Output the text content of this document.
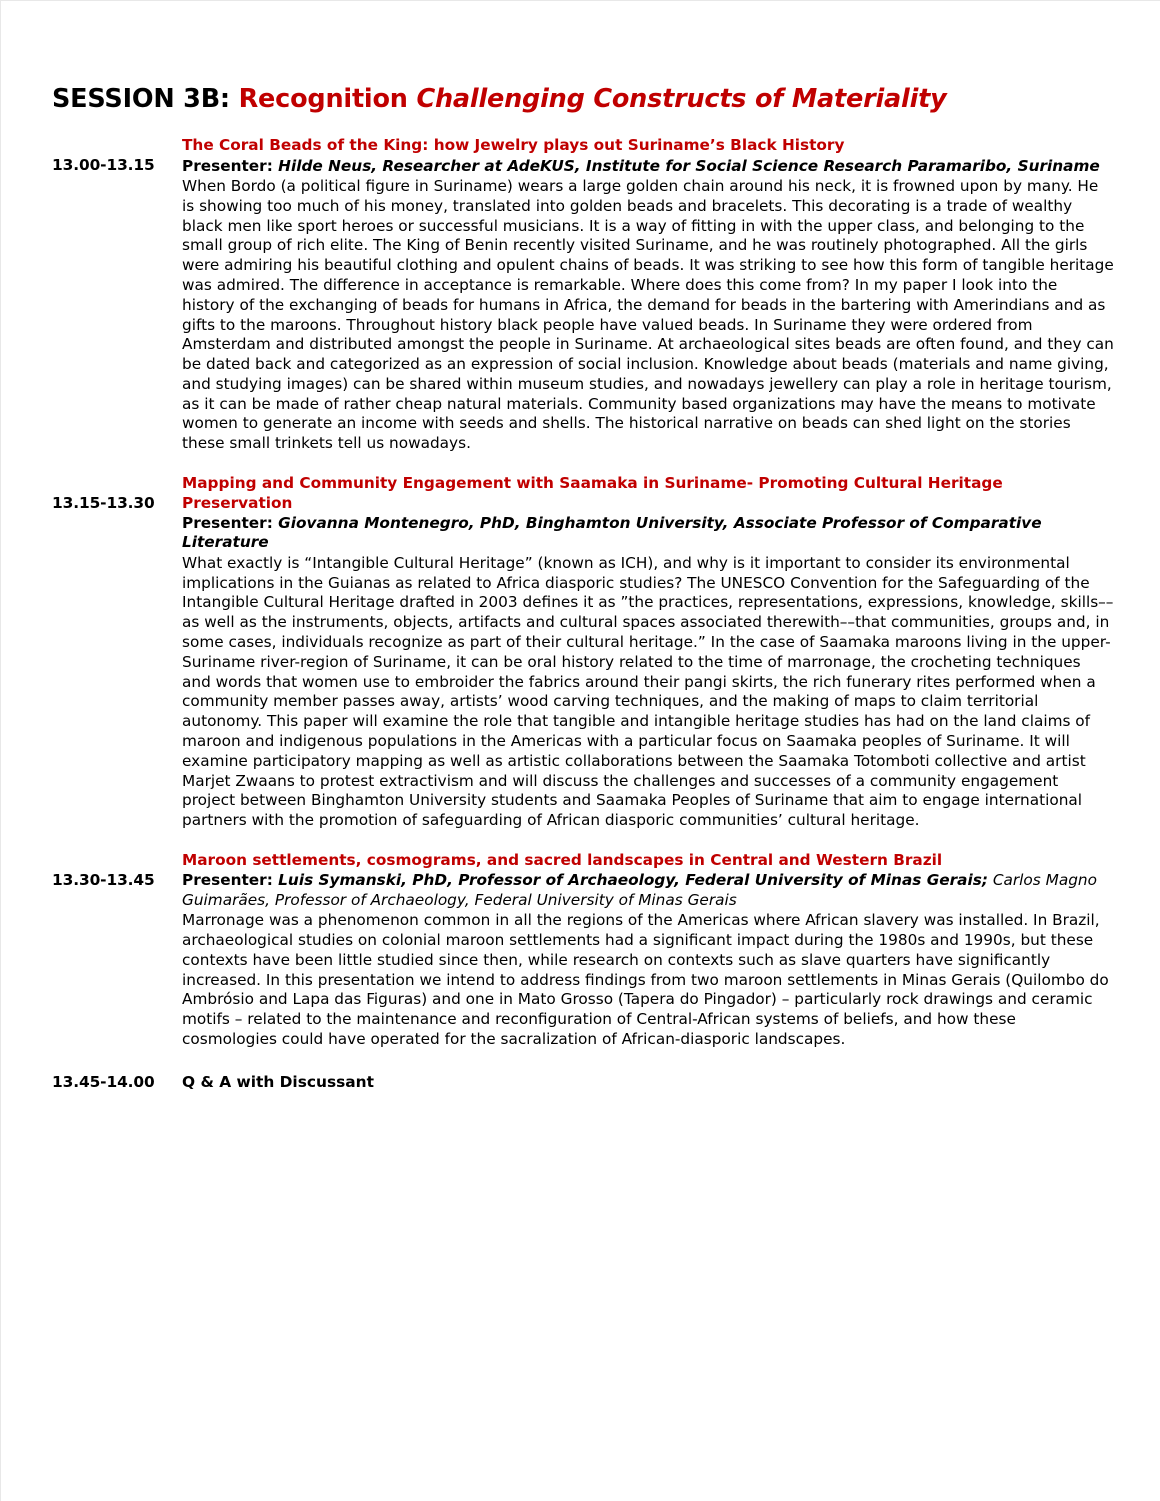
SESSION 3B: Recognition Challenging Constructs of Materiality
13.00-13.15
The Coral Beads of the King: how Jewelry plays out Suriname’s Black History
Presenter: Hilde Neus, Researcher at AdeKUS, Institute for Social Science Research Paramaribo, Suriname
When Bordo (a political figure in Suriname) wears a large golden chain around his neck, it is frowned upon by many. He is showing too much of his money, translated into golden beads and bracelets. This decorating is a trade of wealthy black men like sport heroes or successful musicians. It is a way of fitting in with the upper class, and belonging to the small group of rich elite. The King of Benin recently visited Suriname, and he was routinely photographed. All the girls were admiring his beautiful clothing and opulent chains of beads. It was striking to see how this form of tangible heritage was admired. The difference in acceptance is remarkable. Where does this come from? In my paper I look into the history of the exchanging of beads for humans in Africa, the demand for beads in the bartering with Amerindians and as gifts to the maroons. Throughout history black people have valued beads. In Suriname they were ordered from Amsterdam and distributed amongst the people in Suriname. At archaeological sites beads are often found, and they can be dated back and categorized as an expression of social inclusion. Knowledge about beads (materials and name giving, and studying images) can be shared within museum studies, and nowadays jewellery can play a role in heritage tourism, as it can be made of rather cheap natural materials. Community based organizations may have the means to motivate women to generate an income with seeds and shells. The historical narrative on beads can shed light on the stories these small trinkets tell us nowadays.
13.15-13.30
Mapping and Community Engagement with Saamaka in Suriname- Promoting Cultural Heritage Preservation
Presenter: Giovanna Montenegro, PhD, Binghamton University, Associate Professor of Comparative Literature
What exactly is “Intangible Cultural Heritage” (known as ICH), and why is it important to consider its environmental implications in the Guianas as related to Africa diasporic studies? The UNESCO Convention for the Safeguarding of the Intangible Cultural Heritage drafted in 2003 defines it as ”the practices, representations, expressions, knowledge, skills––as well as the instruments, objects, artifacts and cultural spaces associated therewith––that communities, groups and, in some cases, individuals recognize as part of their cultural heritage.” In the case of Saamaka maroons living in the upper-Suriname river-region of Suriname, it can be oral history related to the time of marronage, the crocheting techniques and words that women use to embroider the fabrics around their pangi skirts, the rich funerary rites performed when a community member passes away, artists’ wood carving techniques, and the making of maps to claim territorial autonomy. This paper will examine the role that tangible and intangible heritage studies has had on the land claims of maroon and indigenous populations in the Americas with a particular focus on Saamaka peoples of Suriname. It will examine participatory mapping as well as artistic collaborations between the Saamaka Totomboti collective and artist Marjet Zwaans to protest extractivism and will discuss the challenges and successes of a community engagement project between Binghamton University students and Saamaka Peoples of Suriname that aim to engage international partners with the promotion of safeguarding of African diasporic communities’ cultural heritage.
13.30-13.45
Maroon settlements, cosmograms, and sacred landscapes in Central and Western Brazil
Presenter: Luis Symanski, PhD, Professor of Archaeology, Federal University of Minas Gerais; Carlos Magno Guimarães, Professor of Archaeology, Federal University of Minas Gerais
Marronage was a phenomenon common in all the regions of the Americas where African slavery was installed. In Brazil, archaeological studies on colonial maroon settlements had a significant impact during the 1980s and 1990s, but these contexts have been little studied since then, while research on contexts such as slave quarters have significantly increased. In this presentation we intend to address findings from two maroon settlements in Minas Gerais (Quilombo do Ambrósio and Lapa das Figuras) and one in Mato Grosso (Tapera do Pingador) – particularly rock drawings and ceramic motifs – related to the maintenance and reconfiguration of Central-African systems of beliefs, and how these cosmologies could have operated for the sacralization of African-diasporic landscapes.
13.45-14.00	Q & A with Discussant
